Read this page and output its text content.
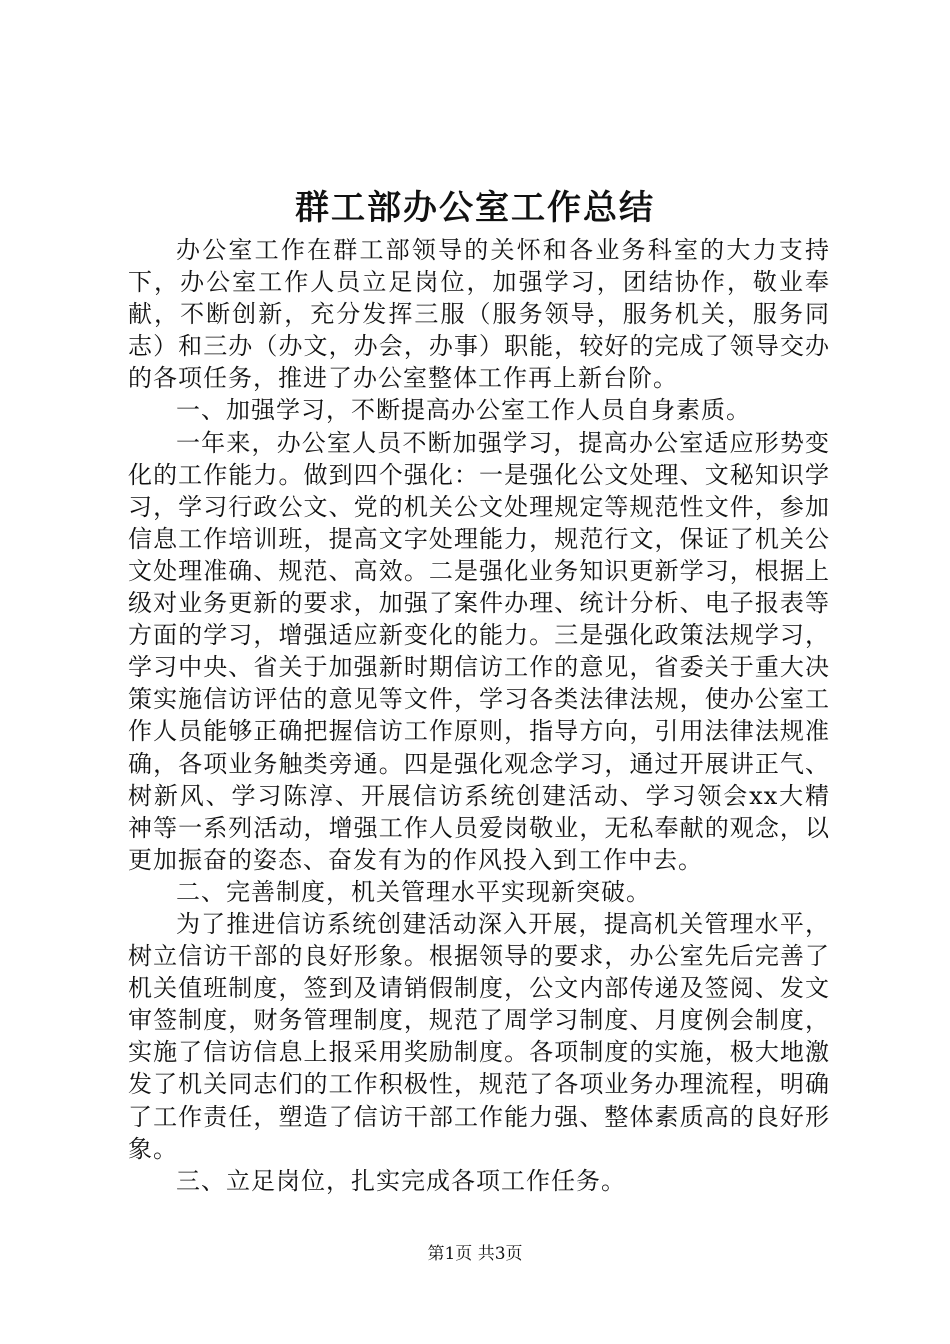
群工部办公室工作总结

办公室工作在群工部领导的关怀和各业务科室的大力支持下，办公室工作人员立足岗位，加强学习，团结协作，敬业奉献，不断创新，充分发挥三服（服务领导，服务机关，服务同志）和三办（办文，办会，办事）职能，较好的完成了领导交办的各项任务，推进了办公室整体工作再上新台阶。

一、加强学习，不断提高办公室工作人员自身素质。

一年来，办公室人员不断加强学习，提高办公室适应形势变化的工作能力。做到四个强化：一是强化公文处理、文秘知识学习，学习行政公文、党的机关公文处理规定等规范性文件，参加信息工作培训班，提高文字处理能力，规范行文，保证了机关公文处理准确、规范、高效。二是强化业务知识更新学习，根据上级对业务更新的要求，加强了案件办理、统计分析、电子报表等方面的学习，增强适应新变化的能力。三是强化政策法规学习，学习中央、省关于加强新时期信访工作的意见，省委关于重大决策实施信访评估的意见等文件，学习各类法律法规，使办公室工作人员能够正确把握信访工作原则，指导方向，引用法律法规准确，各项业务触类旁通。四是强化观念学习，通过开展讲正气、树新风、学习陈淳、开展信访系统创建活动、学习领会xx大精神等一系列活动，增强工作人员爱岗敬业，无私奉献的观念，以更加振奋的姿态、奋发有为的作风投入到工作中去。

二、完善制度，机关管理水平实现新突破。

为了推进信访系统创建活动深入开展，提高机关管理水平，树立信访干部的良好形象。根据领导的要求，办公室先后完善了机关值班制度，签到及请销假制度，公文内部传递及签阅、发文审签制度，财务管理制度，规范了周学习制度、月度例会制度，实施了信访信息上报采用奖励制度。各项制度的实施，极大地激发了机关同志们的工作积极性，规范了各项业务办理流程，明确了工作责任，塑造了信访干部工作能力强、整体素质高的良好形象。

三、立足岗位，扎实完成各项工作任务。

第1页 共3页
